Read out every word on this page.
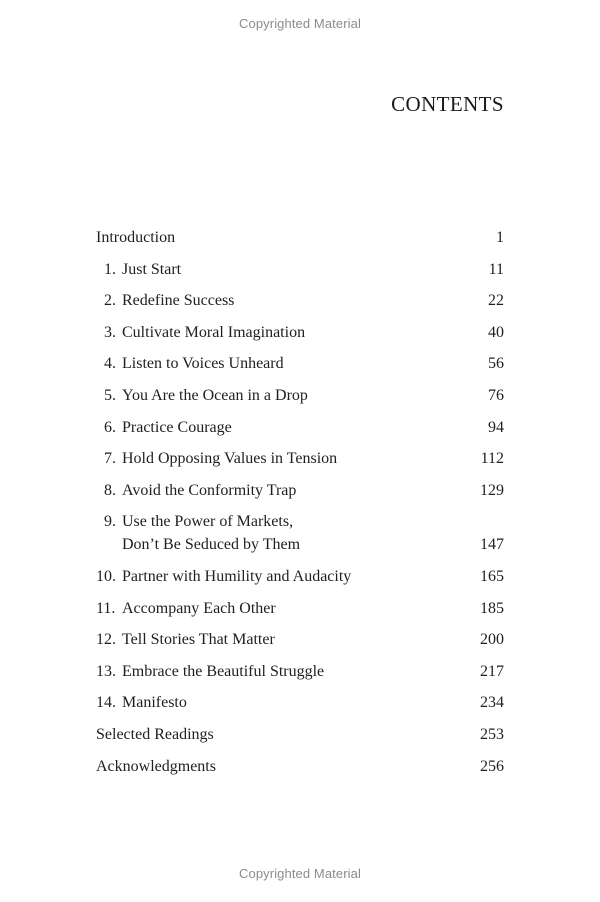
Copyrighted Material
CONTENTS
Introduction	1
1. Just Start	11
2. Redefine Success	22
3. Cultivate Moral Imagination	40
4. Listen to Voices Unheard	56
5. You Are the Ocean in a Drop	76
6. Practice Courage	94
7. Hold Opposing Values in Tension	112
8. Avoid the Conformity Trap	129
9. Use the Power of Markets,
Don’t Be Seduced by Them	147
10. Partner with Humility and Audacity	165
11. Accompany Each Other	185
12. Tell Stories That Matter	200
13. Embrace the Beautiful Struggle	217
14. Manifesto	234
Selected Readings	253
Acknowledgments	256
Copyrighted Material
